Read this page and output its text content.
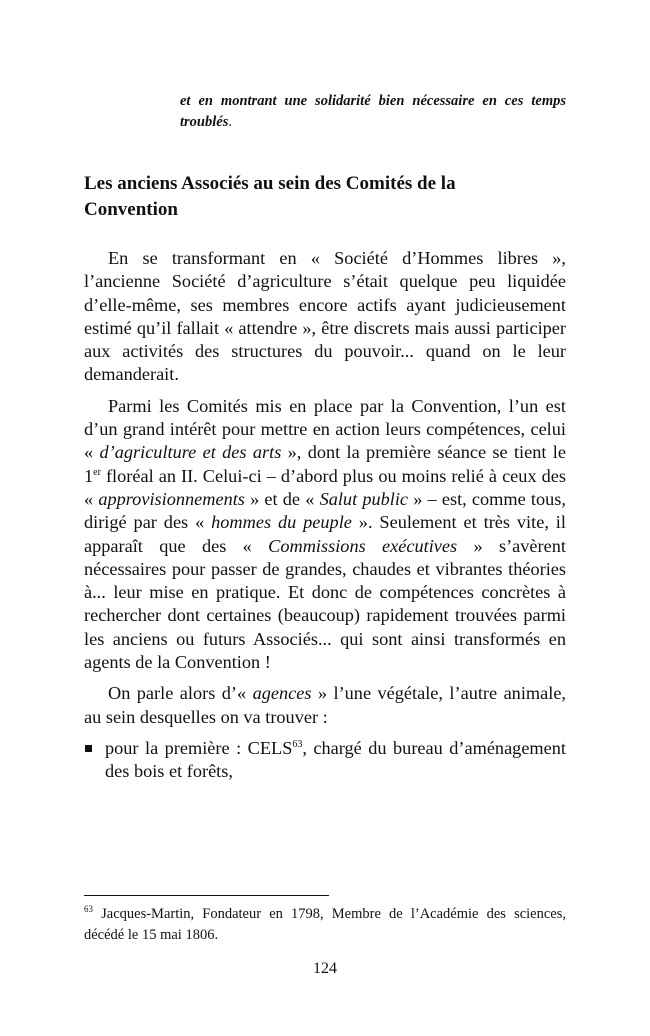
et en montrant une solidarité bien nécessaire en ces temps troublés.

Les anciens Associés au sein des Comités de la Convention

En se transformant en « Société d’Hommes libres », l’ancienne Société d’agriculture s’était quelque peu liquidée d’elle-même, ses membres encore actifs ayant judicieusement estimé qu’il fallait « attendre », être discrets mais aussi participer aux activités des structures du pouvoir... quand on le leur demanderait.

Parmi les Comités mis en place par la Convention, l’un est d’un grand intérêt pour mettre en action leurs compétences, celui « d’agriculture et des arts », dont la première séance se tient le 1er floréal an II. Celui-ci – d’abord plus ou moins relié à ceux des « approvisionnements » et de « Salut public » – est, comme tous, dirigé par des « hommes du peuple ». Seulement et très vite, il apparaît que des « Commissions exécutives » s’avèrent nécessaires pour passer de grandes, chaudes et vibrantes théories à... leur mise en pratique. Et donc de compétences concrètes à rechercher dont certaines (beaucoup) rapidement trouvées parmi les anciens ou futurs Associés... qui sont ainsi transformés en agents de la Convention !

On parle alors d’« agences » l’une végétale, l’autre animale, au sein desquelles on va trouver :

pour la première : CELS$^{63}$, chargé du bureau d’aménagement des bois et forêts,

$^{63}$ Jacques-Martin, Fondateur en 1798, Membre de l’Académie des sciences, décédé le 15 mai 1806.

124
